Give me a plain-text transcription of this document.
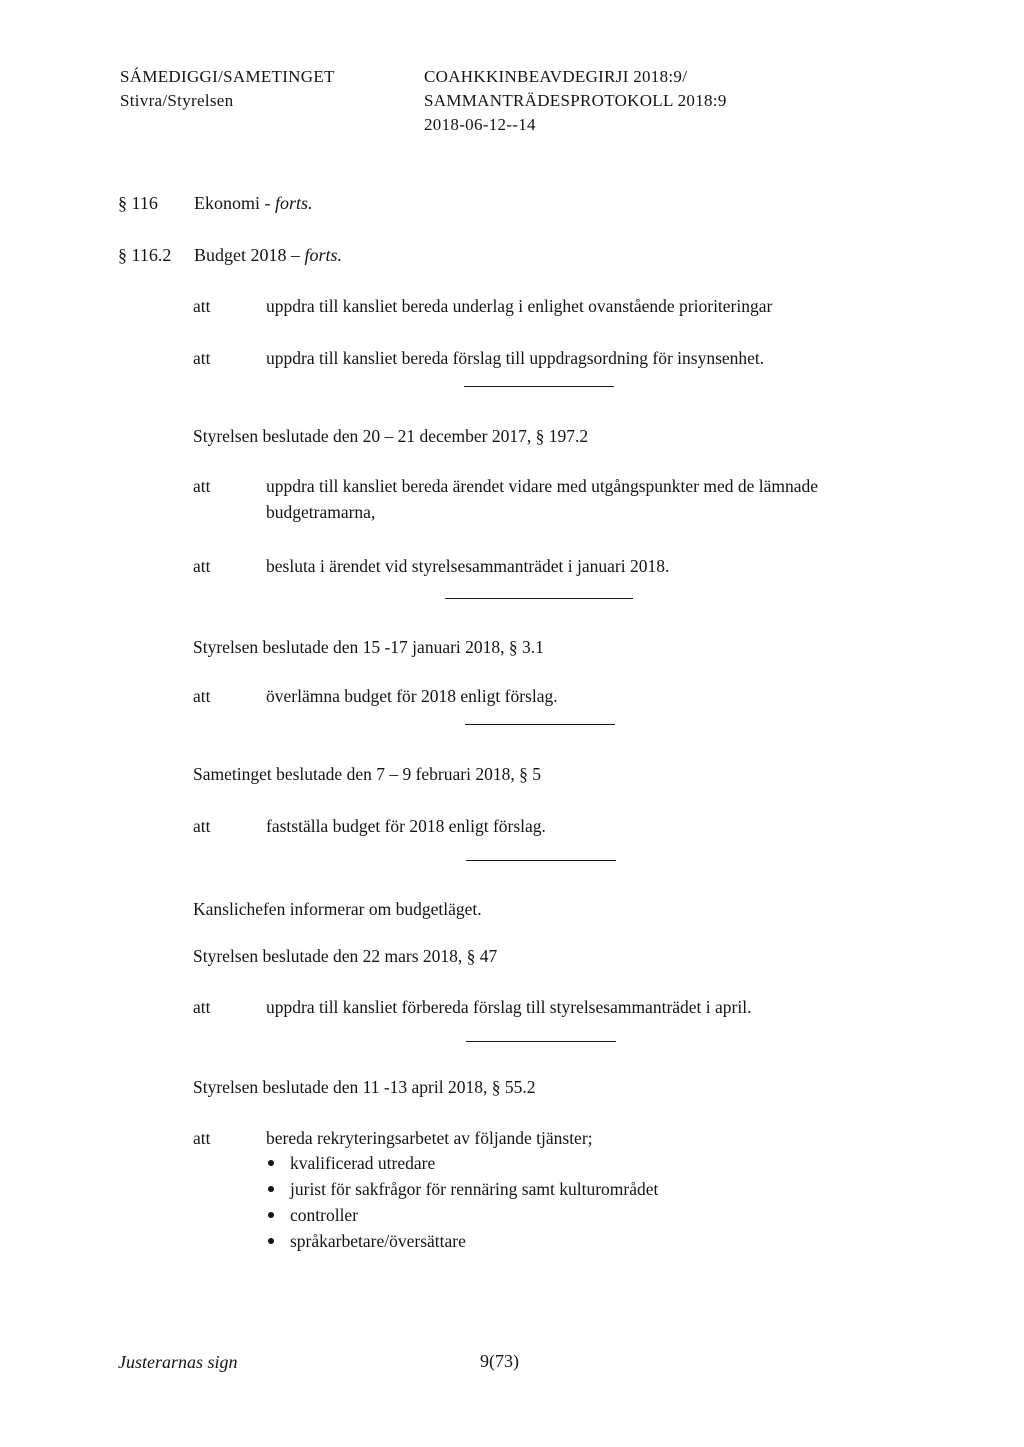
SÁMEDIGGI/SAMETINGET
Stivra/Styrelsen
COAHKKINBEAVDEGIRJI 2018:9/
SAMMANTRÄDESPROTOKOLL 2018:9
2018-06-12--14
§ 116 Ekonomi - forts.
§ 116.2 Budget 2018 – forts.
att	uppdra till kansliet bereda underlag i enlighet ovanstående prioriteringar
att	uppdra till kansliet bereda förslag till uppdragsordning för insynsenhet.
Styrelsen beslutade den 20 – 21 december 2017, § 197.2
att	uppdra till kansliet bereda ärendet vidare med utgångspunkter med de lämnade
budgetramarna,
att	besluta i ärendet vid styrelsesammanträdet i januari 2018.
Styrelsen beslutade den 15 -17 januari 2018, § 3.1
att	överlämna budget för 2018 enligt förslag.
Sametinget beslutade den 7 – 9 februari 2018, § 5
att	fastställa budget för 2018 enligt förslag.
Kanslichefen informerar om budgetläget.
Styrelsen beslutade den 22 mars 2018, § 47
att	uppdra till kansliet förbereda förslag till styrelsesammanträdet i april.
Styrelsen beslutade den 11 -13 april 2018, § 55.2
att	bereda rekryteringsarbetet av följande tjänster;
kvalificerad utredare
jurist för sakfrågor för rennäring samt kulturområdet
controller
språkarbetare/översättare
Justerarnas sign	9(73)
